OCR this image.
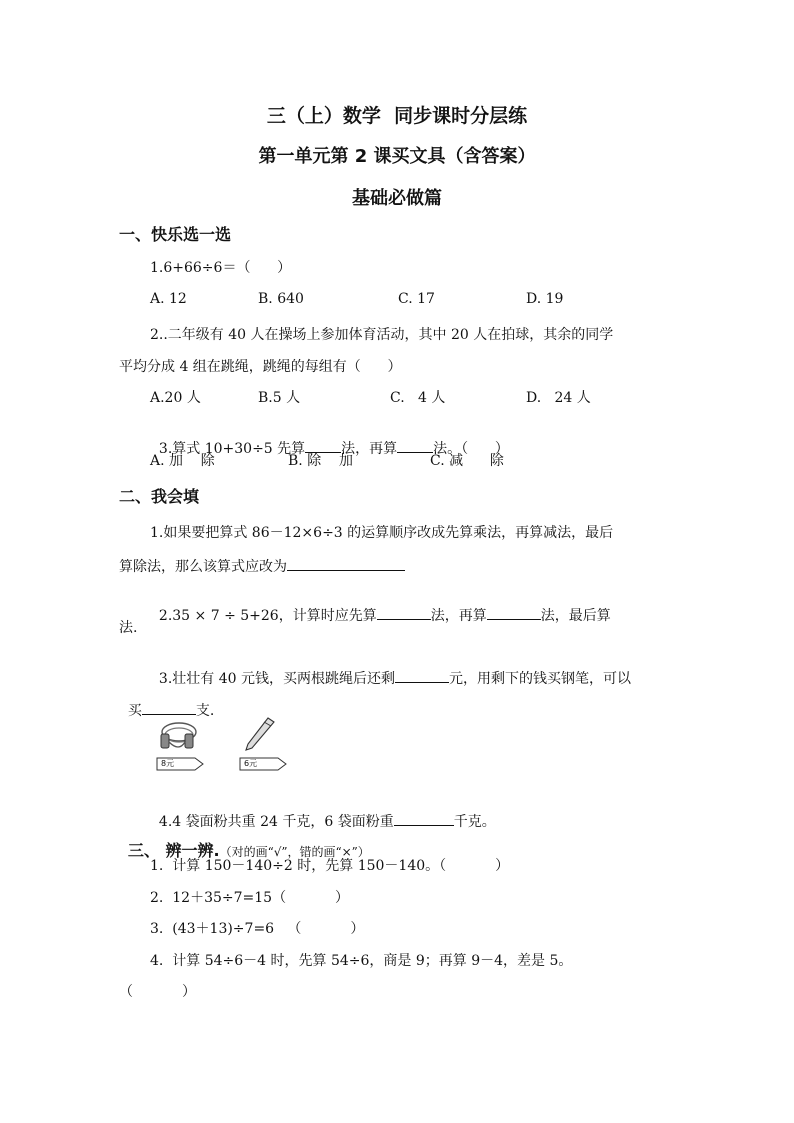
三（上）数学  同步课时分层练
第一单元第 2 课买文具（含答案）
基础必做篇
一、快乐选一选
1.6+66÷6＝（      ）
A. 12	B. 640	C. 17	D. 19
2..二年级有 40 人在操场上参加体育活动，其中 20 人在拍球，其余的同学
平均分成 4 组在跳绳，跳绳的每组有（      ）
A.20 人	B.5 人	C.   4 人	D.   24 人

3.算式 10+30÷5 先算	法，再算	法。（      ）

A. 加    除	B. 除    加	C. 减      除
二、我会填
1.如果要把算式 86－12×6÷3 的运算顺序改成先算乘法，再算减法，最后
算除法，那么该算式应改为

2.35 × 7 ÷ 5+26，计算时应先算	法，再算	法，最后算

法.

3.壮壮有 40 元钱，买两根跳绳后还剩	元，用剩下的钱买钢笔，可以

买	支.

8元	6元

4.4 袋面粉共重 24 千克，6 袋面粉重	千克。

三、 辨一辨.（对的画“√”，错的画“×”）

1.  计算 150－140÷2 时，先算 150－140。（           ）
2.  12＋35÷7=15（           ）
3.  (43＋13)÷7=6   （           ）
4.  计算 54÷6－4 时，先算 54÷6，商是 9；再算 9－4，差是 5。
（           ）
